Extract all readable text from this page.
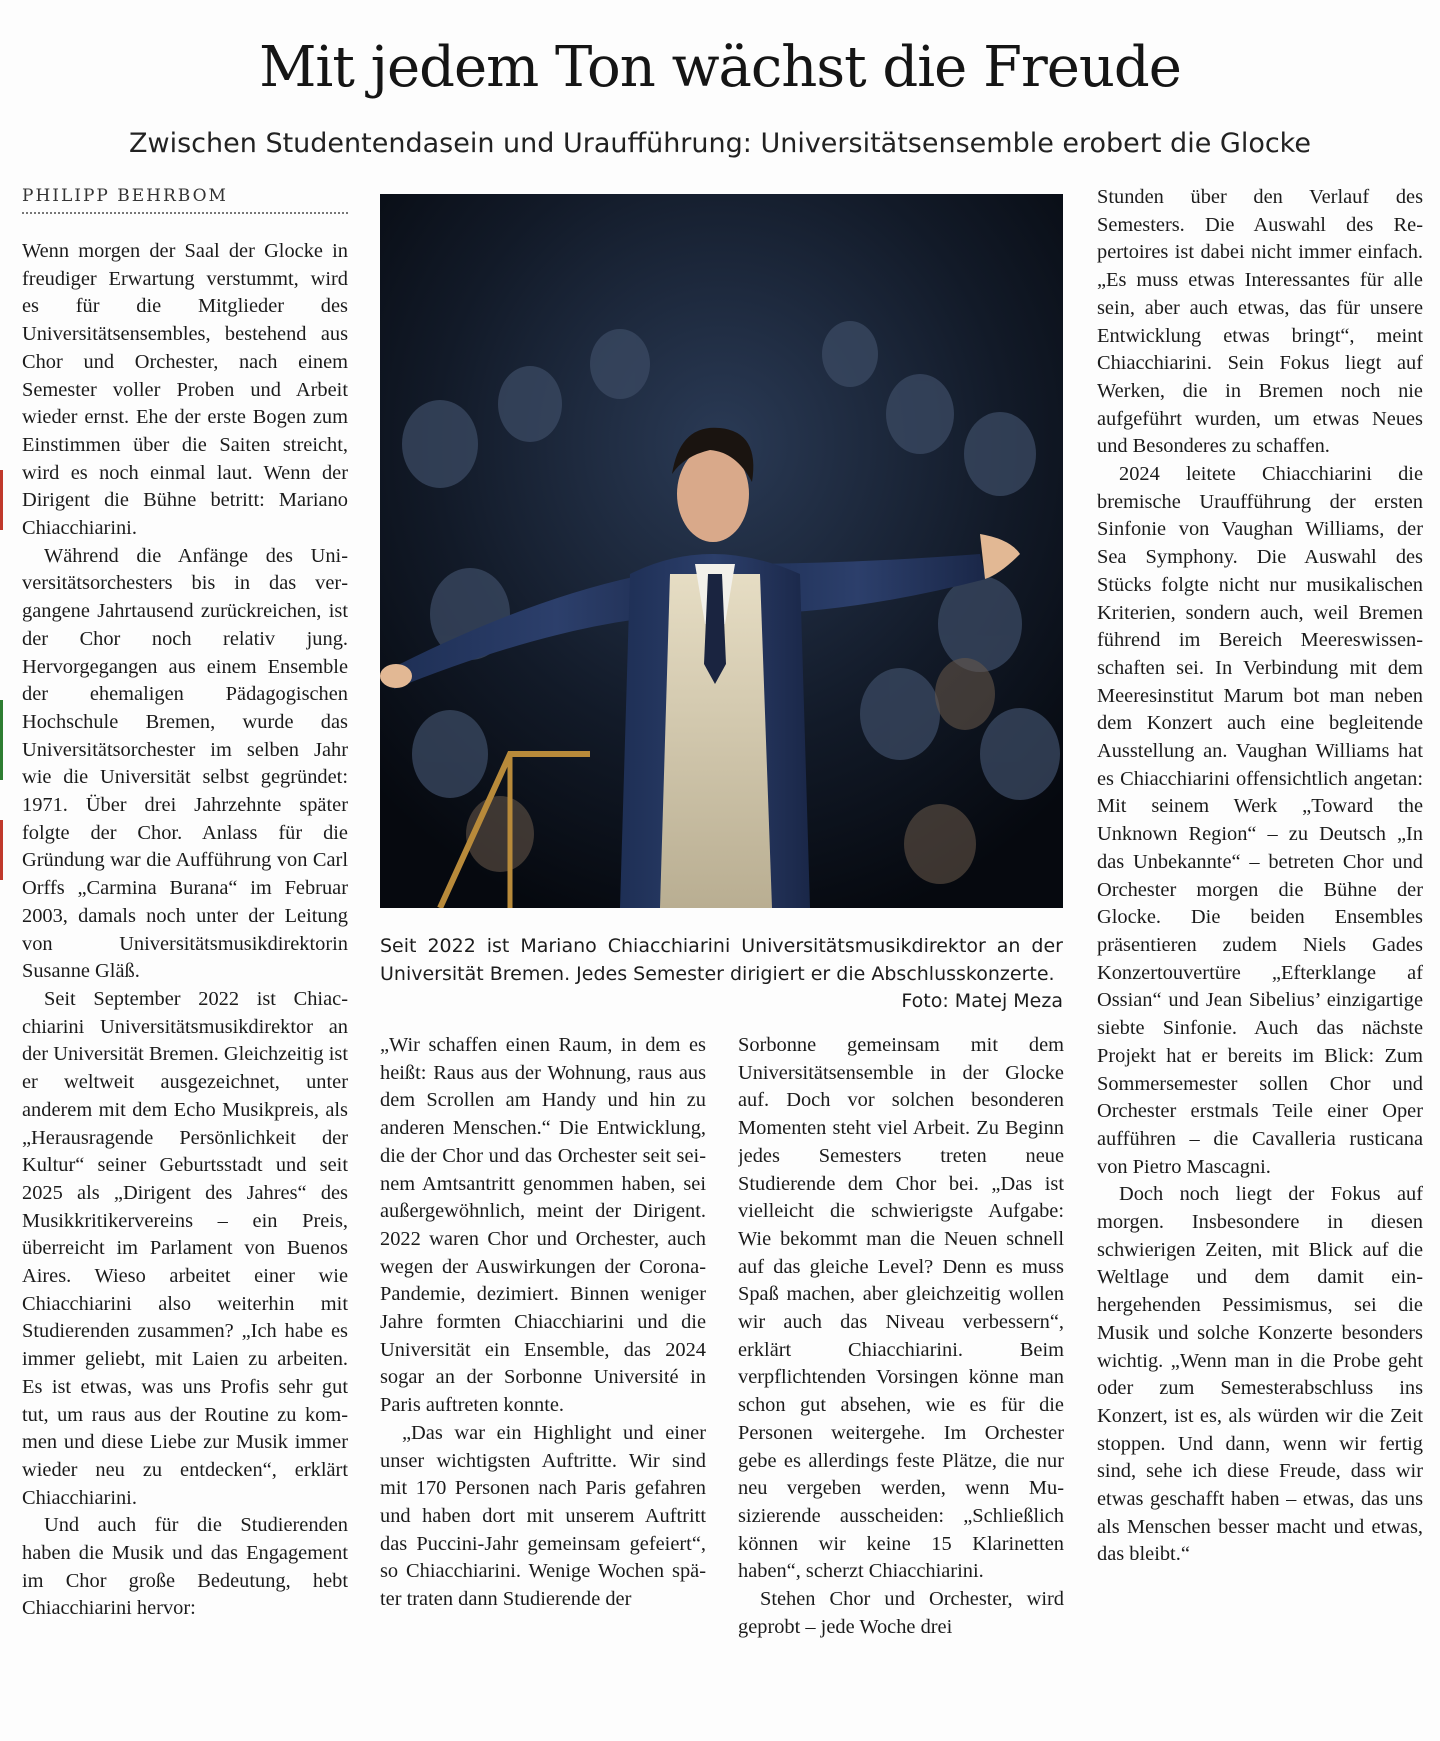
Mit jedem Ton wächst die Freude
Zwischen Studentendasein und Uraufführung: Universitätsensemble erobert die Glocke
PHILIPP BEHRBOM

Wenn morgen der Saal der Glocke in freudiger Erwartung verstummt, wird es für die Mitglieder des Universitätsensembles, bestehend aus Chor und Orchester, nach einem Semester voller Proben und Arbeit wieder ernst. Ehe der erste Bogen zum Einstimmen über die Saiten streicht, wird es noch einmal laut. Wenn der Dirigent die Bühne betritt: Mariano Chiacchiarini.

Während die Anfänge des Universitätsorchesters bis in das vergangene Jahrtausend zurückreichen, ist der Chor noch relativ jung. Hervorgegangen aus einem Ensemble der ehemaligen Pädagogischen Hochschule Bremen, wurde das Universitätsorchester im selben Jahr wie die Universität selbst gegründet: 1971. Über drei Jahrzehnte später folgte der Chor. Anlass für die Gründung war die Aufführung von Carl Orffs „Carmina Burana“ im Februar 2003, damals noch unter der Leitung von Universitätsmusikdirektorin Susanne Gläß.

Seit September 2022 ist Chiacchiarini Universitätsmusikdirektor an der Universität Bremen. Gleichzeitig ist er weltweit ausgezeichnet, unter anderem mit dem Echo Musikpreis, als „Herausragende Persönlichkeit der Kultur“ seiner Geburtsstadt und seit 2025 als „Dirigent des Jahres“ des Musikkritikervereins – ein Preis, überreicht im Parlament von Buenos Aires. Wieso arbeitet einer wie Chiacchiarini also weiterhin mit Studierenden zusammen? „Ich habe es immer geliebt, mit Laien zu arbeiten. Es ist etwas, was uns Profis sehr gut tut, um raus aus der Routine zu kommen und diese Liebe zur Musik immer wieder neu zu entdecken“, erklärt Chiacchiarini.

Und auch für die Studierenden haben die Musik und das Engagement im Chor große Bedeutung, hebt Chiacchiarini hervor:

Seit 2022 ist Mariano Chiacchiarini Universitätsmusikdirektor an der Universität Bremen. Jedes Semester dirigiert er die Abschlusskonzerte.
Foto: Matej Meza

„Wir schaffen einen Raum, in dem es heißt: Raus aus der Wohnung, raus aus dem Scrollen am Handy und hin zu anderen Menschen.“ Die Entwicklung, die der Chor und das Orchester seit seinem Amtsantritt genommen haben, sei außergewöhnlich, meint der Dirigent. 2022 waren Chor und Orchester, auch wegen der Auswirkungen der Corona-Pandemie, dezimiert. Binnen weniger Jahre formten Chiacchiarini und die Universität ein Ensemble, das 2024 sogar an der Sorbonne Université in Paris auftreten konnte.

„Das war ein Highlight und einer unser wichtigsten Auftritte. Wir sind mit 170 Personen nach Paris gefahren und haben dort mit unserem Auftritt das Puccini-Jahr gemeinsam gefeiert“, so Chiacchiarini. Wenige Wochen später traten dann Studierende der

Sorbonne gemeinsam mit dem Universitätsensemble in der Glocke auf. Doch vor solchen besonderen Momenten steht viel Arbeit. Zu Beginn jedes Semesters treten neue Studierende dem Chor bei. „Das ist vielleicht die schwierigste Aufgabe: Wie bekommt man die Neuen schnell auf das gleiche Level? Denn es muss Spaß machen, aber gleichzeitig wollen wir auch das Niveau verbessern“, erklärt Chiacchiarini. Beim verpflichtenden Vorsingen könne man schon gut absehen, wie es für die Personen weitergehe. Im Orchester gebe es allerdings feste Plätze, die nur neu vergeben werden, wenn Musizierende ausscheiden: „Schließlich können wir keine 15 Klarinetten haben“, scherzt Chiacchiarini.

Stehen Chor und Orchester, wird geprobt – jede Woche drei

Stunden über den Verlauf des Semesters. Die Auswahl des Repertoires ist dabei nicht immer einfach. „Es muss etwas Interessantes für alle sein, aber auch etwas, das für unsere Entwicklung etwas bringt“, meint Chiacchiarini. Sein Fokus liegt auf Werken, die in Bremen noch nie aufgeführt wurden, um etwas Neues und Besonderes zu schaffen.

2024 leitete Chiacchiarini die bremische Uraufführung der ersten Sinfonie von Vaughan Williams, der Sea Symphony. Die Auswahl des Stücks folgte nicht nur musikalischen Kriterien, sondern auch, weil Bremen führend im Bereich Meereswissenschaften sei. In Verbindung mit dem Meeresinstitut Marum bot man neben dem Konzert auch eine begleitende Ausstellung an. Vaughan Williams hat es Chiacchiarini offensichtlich angetan: Mit seinem Werk „Toward the Unknown Region“ – zu Deutsch „In das Unbekannte“ – betreten Chor und Orchester morgen die Bühne der Glocke. Die beiden Ensembles präsentieren zudem Niels Gades Konzertouvertüre „Efterklange af Ossian“ und Jean Sibelius’ einzigartige siebte Sinfonie. Auch das nächste Projekt hat er bereits im Blick: Zum Sommersemester sollen Chor und Orchester erstmals Teile einer Oper aufführen – die Cavalleria rusticana von Pietro Mascagni.

Doch noch liegt der Fokus auf morgen. Insbesondere in diesen schwierigen Zeiten, mit Blick auf die Weltlage und dem damit einhergehenden Pessimismus, sei die Musik und solche Konzerte besonders wichtig. „Wenn man in die Probe geht oder zum Semesterabschluss ins Konzert, ist es, als würden wir die Zeit stoppen. Und dann, wenn wir fertig sind, sehe ich diese Freude, dass wir etwas geschafft haben – etwas, das uns als Menschen besser macht und etwas, das bleibt.“
